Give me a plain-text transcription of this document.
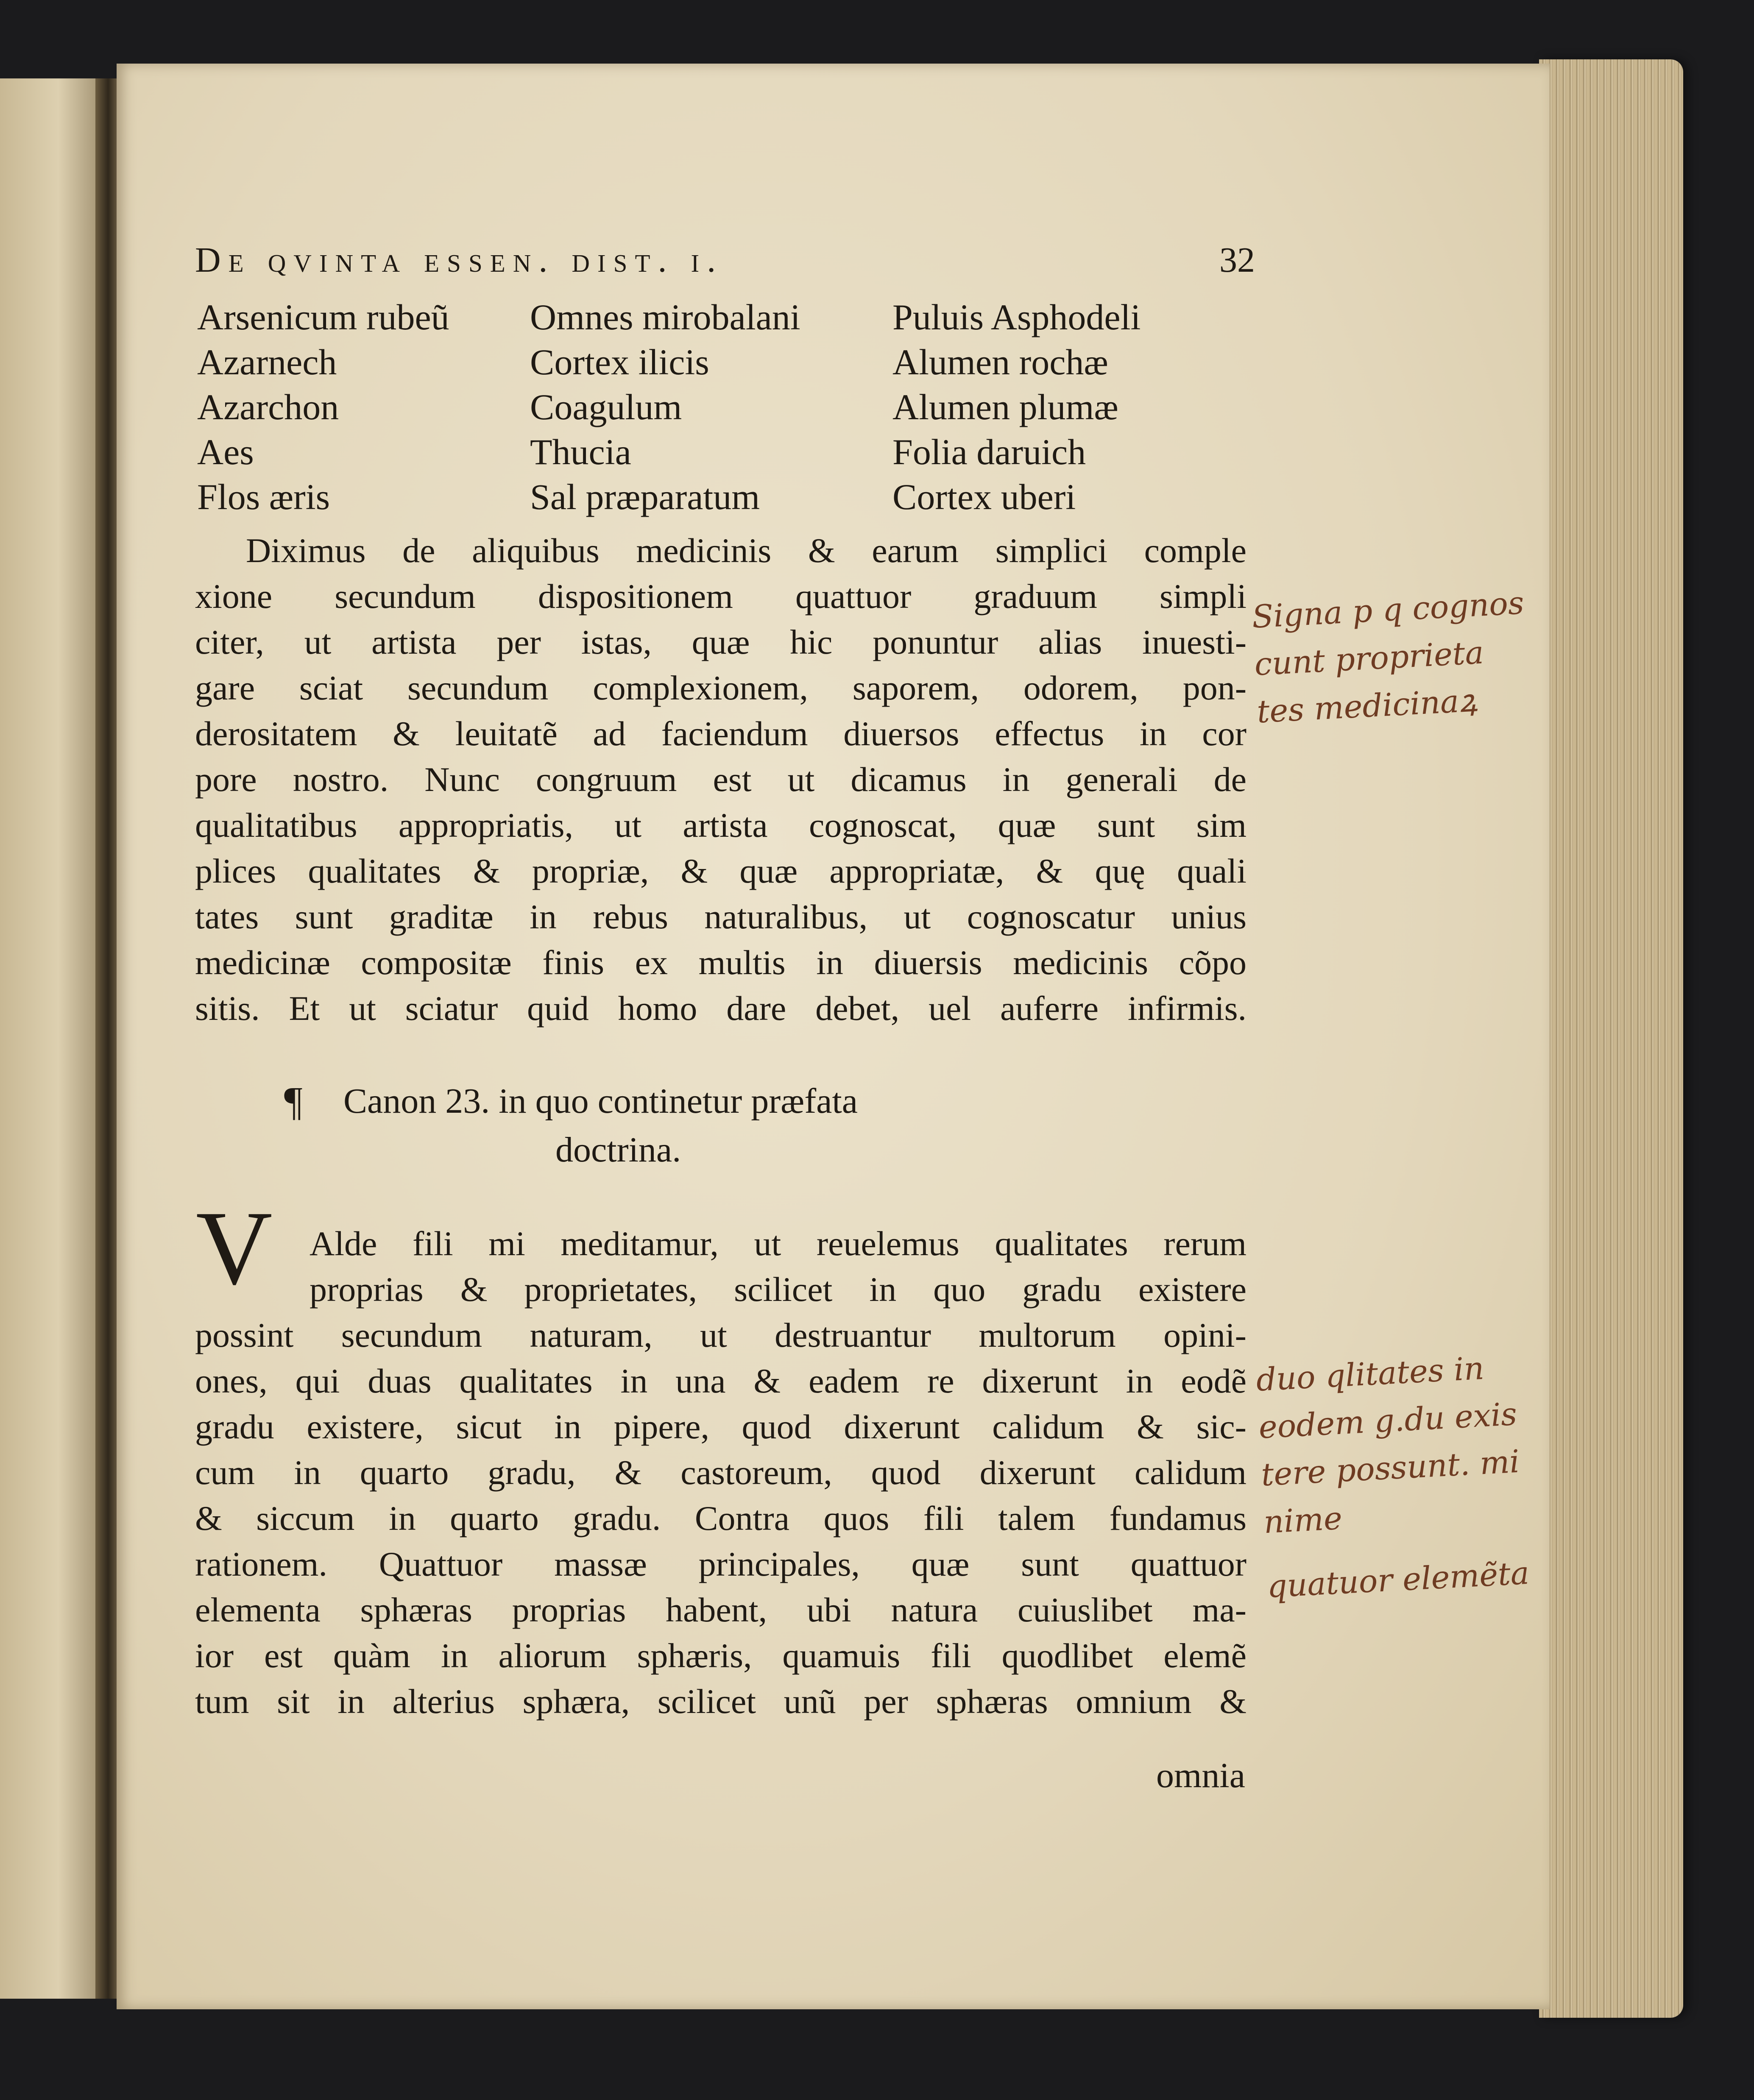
De qvinta essen. dist. i.	32
Arsenicum rubeũ
Azarnech
Azarchon
Aes
Flos æris
Omnes mirobalani
Cortex ilicis
Coagulum
Thucia
Sal præparatum
Puluis Asphodeli
Alumen rochæ
Alumen plumæ
Folia daruich
Cortex uberi
Diximus de aliquibus medicinis & earum simplici comple
xione secundum dispositionem quattuor graduum simpli
citer, ut artista per istas, quæ hic ponuntur alias inuesti-
gare sciat secundum complexionem, saporem, odorem, pon-
derositatem & leuitatẽ ad faciendum diuersos effectus in cor
pore nostro. Nunc congruum est ut dicamus in generali de
qualitatibus appropriatis, ut artista cognoscat, quæ sunt sim
plices qualitates & propriæ, & quæ appropriatæ, & quę quali
tates sunt graditæ in rebus naturalibus, ut cognoscatur unius
medicinæ compositæ finis ex multis in diuersis medicinis cõpo
sitis. Et ut sciatur quid homo dare debet, uel auferre infirmis.
¶ Canon 23. in quo continetur præfata
doctrina.
V	Alde fili mi meditamur, ut reuelemus qualitates rerum
proprias & proprietates, scilicet in quo gradu existere
possint secundum naturam, ut destruantur multorum opini-
ones, qui duas qualitates in una & eadem re dixerunt in eodẽ
gradu existere, sicut in pipere, quod dixerunt calidum & sic-
cum in quarto gradu, & castoreum, quod dixerunt calidum
& siccum in quarto gradu. Contra quos fili talem fundamus
rationem. Quattuor massæ principales, quæ sunt quattuor
elementa sphæras proprias habent, ubi natura cuiuslibet ma-
ior est quàm in aliorum sphæris, quamuis fili quodlibet elemẽ
tum sit in alterius sphæra, scilicet unũ per sphæras omnium &
omnia
Signa p q cognos
cunt proprieta
tes medicinaꝝ
duo qlitates in
eodem g.du exis
tere possunt. mi
nime
quatuor elemẽta
